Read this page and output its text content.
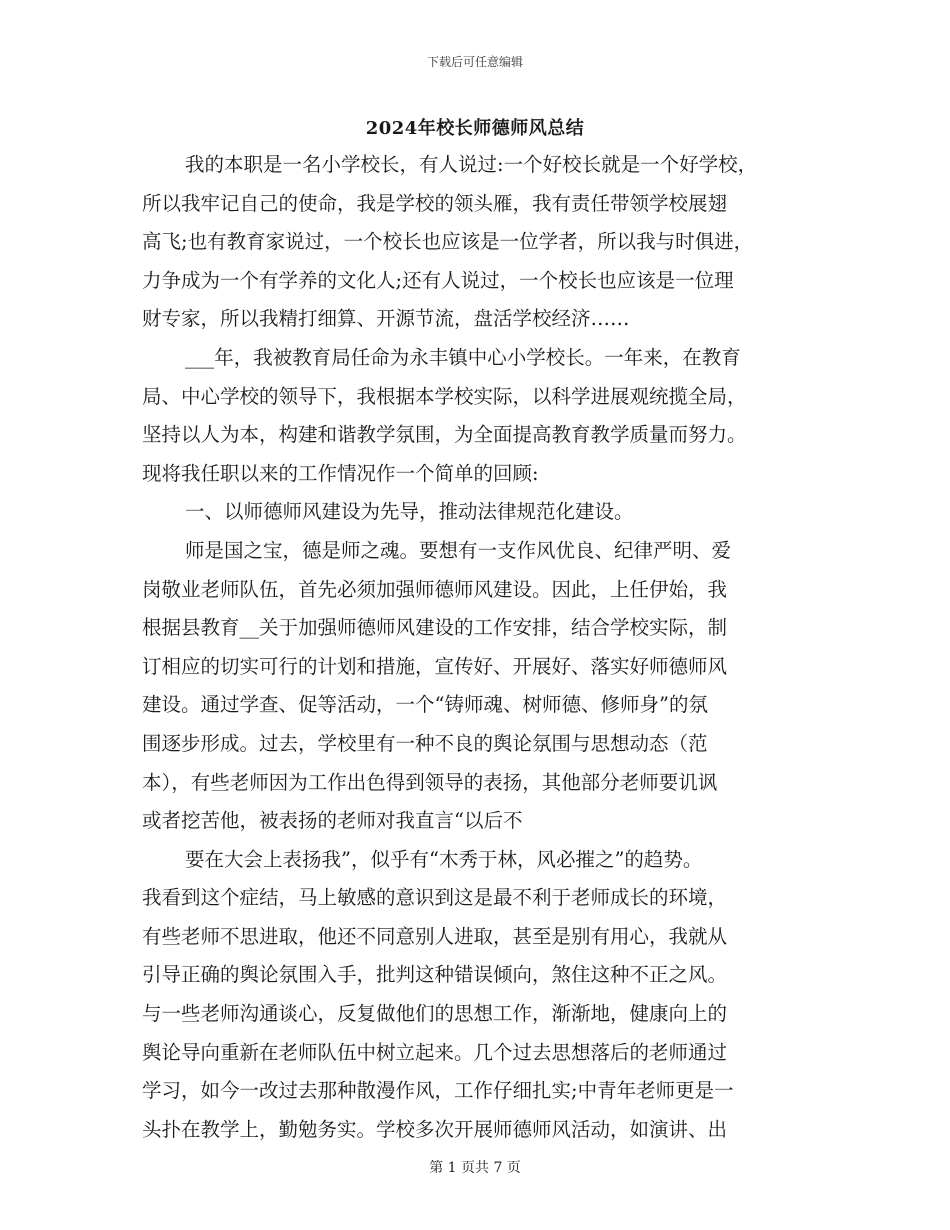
下载后可任意编辑
2024年校长师德师风总结
我的本职是一名小学校长，有人说过:一个好校长就是一个好学校，
所以我牢记自己的使命，我是学校的领头雁，我有责任带领学校展翅
高飞;也有教育家说过，一个校长也应该是一位学者，所以我与时俱进，
力争成为一个有学养的文化人;还有人说过，一个校长也应该是一位理
财专家，所以我精打细算、开源节流，盘活学校经济……
___年，我被教育局任命为永丰镇中心小学校长。一年来，在教育
局、中心学校的领导下，我根据本学校实际，以科学进展观统揽全局，
坚持以人为本，构建和谐教学氛围，为全面提高教育教学质量而努力。
现将我任职以来的工作情况作一个简单的回顾:
一、以师德师风建设为先导，推动法律规范化建设。
师是国之宝，德是师之魂。要想有一支作风优良、纪律严明、爱
岗敬业老师队伍，首先必须加强师德师风建设。因此，上任伊始，我
根据县教育__关于加强师德师风建设的工作安排，结合学校实际，制
订相应的切实可行的计划和措施，宣传好、开展好、落实好师德师风
建设。通过学查、促等活动，一个“铸师魂、树师德、修师身”的氛
围逐步形成。过去，学校里有一种不良的舆论氛围与思想动态（范
本），有些老师因为工作出色得到领导的表扬，其他部分老师要讥讽
或者挖苦他，被表扬的老师对我直言“以后不
要在大会上表扬我”，似乎有“木秀于林，风必摧之”的趋势。
我看到这个症结，马上敏感的意识到这是最不利于老师成长的环境，
有些老师不思进取，他还不同意别人进取，甚至是别有用心，我就从
引导正确的舆论氛围入手，批判这种错误倾向，煞住这种不正之风。
与一些老师沟通谈心，反复做他们的思想工作，渐渐地，健康向上的
舆论导向重新在老师队伍中树立起来。几个过去思想落后的老师通过
学习，如今一改过去那种散漫作风，工作仔细扎实;中青年老师更是一
头扑在教学上，勤勉务实。学校多次开展师德师风活动，如演讲、出
第 1 页共 7 页
